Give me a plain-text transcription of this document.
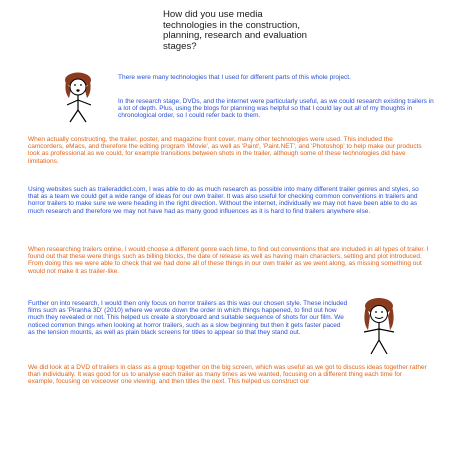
How did you use media technologies in the construction, planning, research and evaluation stages?

There were many technologies that I used for different parts of this whole project.

In the research stage, DVDs, and the internet were particularly useful, as we could research existing trailers in a lot of depth. Plus, using the blogs for planning was helpful so that I could lay out all of my thoughts in chronological order, so I could refer back to them.

When actually constructing, the trailer, poster, and magazine front cover, many other technologies were used. This included the camcorders, eMacs, and therefore the editing program 'iMovie', as well as 'Paint', 'Paint.NET', and 'Photoshop' to help make our products look as professional as we could, for example transitions between shots in the trailer, although some of these technologies did have limitations.

Using websites such as traileraddict.com, I was able to do as much research as possible into many different trailer genres and styles, so that as a team we could get a wide range of ideas for our own trailer. It was also useful for checking common conventions in trailers and horror trailers to make sure we were heading in the right direction. Without the internet, individually we may not have been able to do as much research and therefore we may not have had as many good influences as it is hard to find trailers anywhere else.

When researching trailers online, I would choose a different genre each time, to find out conventions that are included in all types of trailer. I found out that these were things such as billing blocks, the date of release as well as having main characters, setting and plot introduced. From doing this we were able to check that we had done all of these things in our own trailer as we went along, as missing something out would not make it as trailer-like.

Further on into research, I would then only focus on horror trailers as this was our chosen style. These included films such as 'Piranha 3D' (2010) where we wrote down the order in which things happened, to find out how much they revealed or not. This helped us create a storyboard and suitable sequence of shots for our film. We noticed common things when looking at horror trailers, such as a slow beginning but then it gets faster paced as the tension mounts, as well as plain black screens for titles to appear so that they stand out.

We did look at a DVD of trailers in class as a group together on the big screen, which was useful as we got to discuss ideas together rather than individually. It was good for us to analyse each trailer as many times as we wanted, focusing on a different thing each time for example, focusing on voiceover one viewing, and then titles the next. This helped us construct our
